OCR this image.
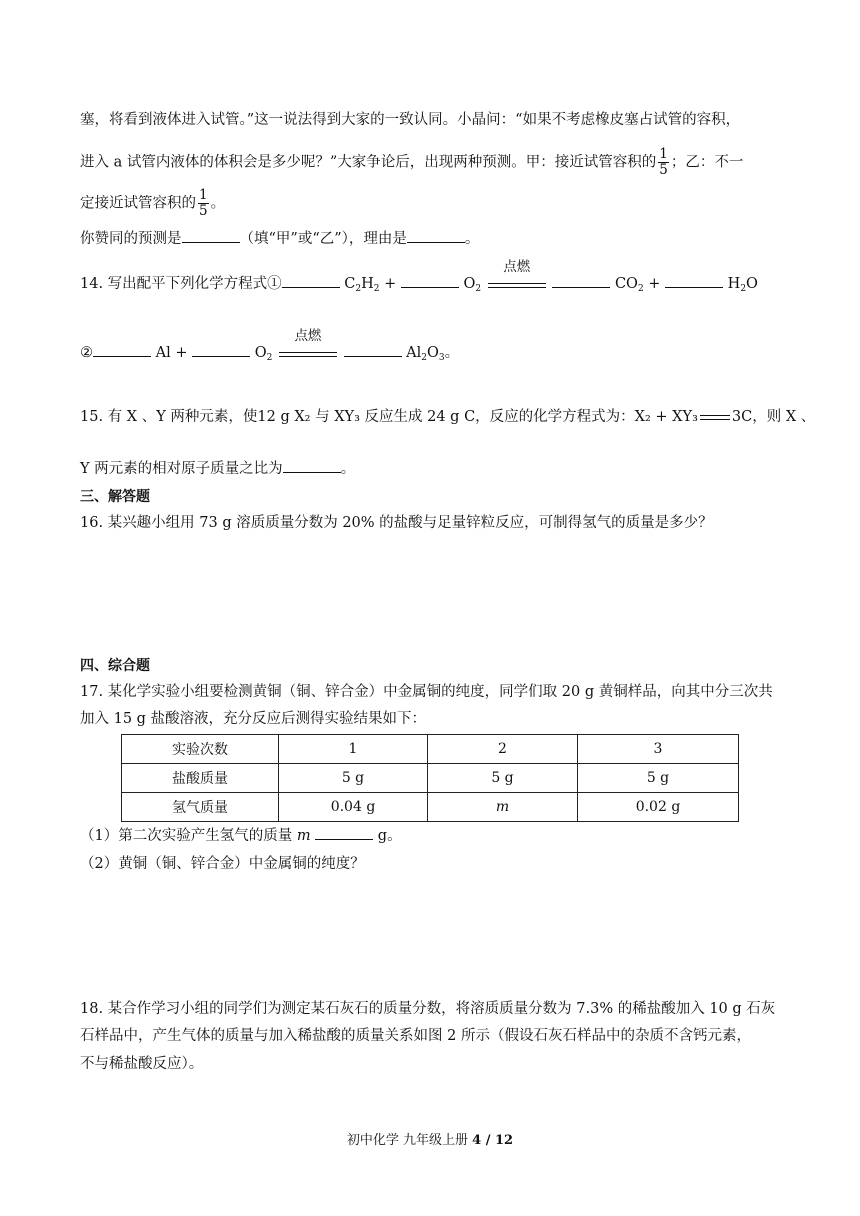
塞，将看到液体进入试管。”这一说法得到大家的一致认同。小晶问：“如果不考虑橡皮塞占试管的容积，
进入 a 试管内液体的体积会是多少呢？”大家争论后，出现两种预测。甲：接近试管容积的 $\frac{1}{5}$ ；乙：不一
定接近试管容积的 $\frac{1}{5}$ 。
你赞同的预测是	（填“甲”或“乙”），理由是	。
14. 写出配平下列化学方程式①	$C_2H_2$ +	$O_2$
点燃
$CO_2$ +	$H_2O$
②	Al +	$O_2$
点燃
$Al_2O_3$。
15. 有 X 、Y 两种元素，使12 g X₂ 与 XY₃ 反应生成 24 g C，反应的化学方程式为：X₂ + XY₃ 3C，则 X 、
Y 两元素的相对原子质量之比为	。
三、解答题
16. 某兴趣小组用 73 g 溶质质量分数为 20% 的盐酸与足量锌粒反应，可制得氢气的质量是多少？
四、综合题
17. 某化学实验小组要检测黄铜（铜、锌合金）中金属铜的纯度，同学们取 20 g 黄铜样品，向其中分三次共
加入 15 g 盐酸溶液，充分反应后测得实验结果如下：
实验次数	1	2	3
盐酸质量	5 g	5 g	5 g
氢气质量	0.04 g	m	0.02 g
（1）第二次实验产生氢气的质量 m	g。
（2）黄铜（铜、锌合金）中金属铜的纯度？
18. 某合作学习小组的同学们为测定某石灰石的质量分数，将溶质质量分数为 7.3% 的稀盐酸加入 10 g 石灰
石样品中，产生气体的质量与加入稀盐酸的质量关系如图 2 所示（假设石灰石样品中的杂质不含钙元素，
不与稀盐酸反应）。
初中化学 九年级上册 4 / 12
